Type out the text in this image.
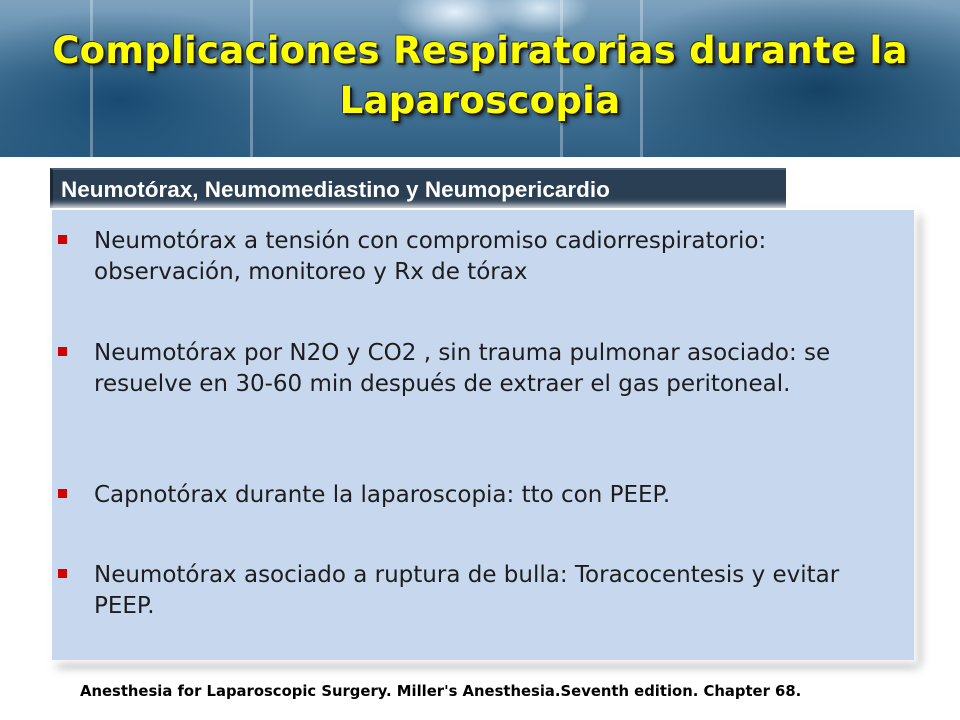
Complicaciones Respiratorias durante la Laparoscopia
Neumotórax, Neumomediastino y Neumopericardio
Neumotórax a tensión con compromiso cadiorrespiratorio: observación, monitoreo y Rx de tórax
Neumotórax por N2O y CO2 , sin trauma pulmonar asociado: se resuelve en 30-60 min después de extraer el gas peritoneal.
Capnotórax durante la laparoscopia: tto con PEEP.
Neumotórax asociado a ruptura de bulla: Toracocentesis y evitar PEEP.

Anesthesia for Laparoscopic Surgery. Miller's Anesthesia.Seventh edition. Chapter 68.
